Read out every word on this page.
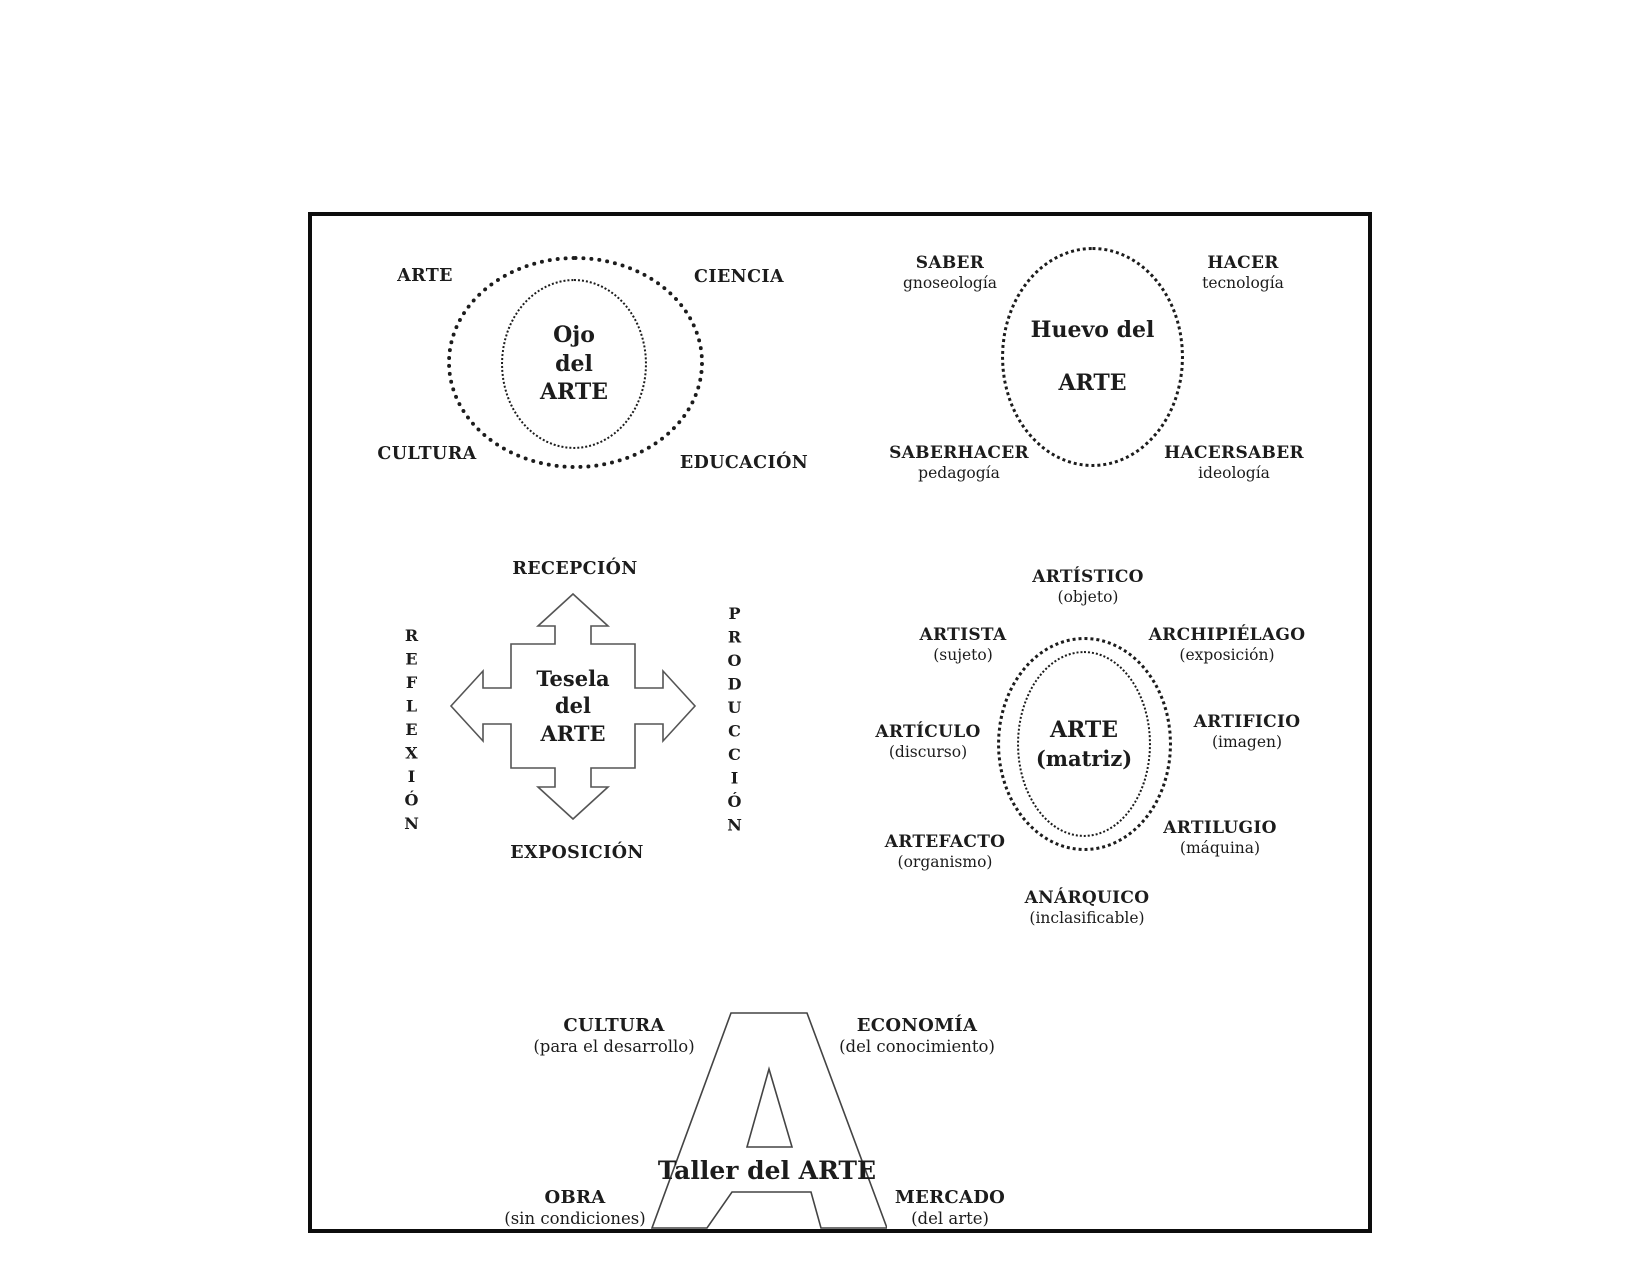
Ojo
del
ARTE
ARTE	CIENCIA
CULTURA	EDUCACIÓN
Huevo del
ARTE
SABER
gnoseología
HACER
tecnología
SABERHACER
pedagogía
HACERSABER
ideología
Tesela
del
ARTE
RECEPCIÓN
EXPOSICIÓN
REFLEXIÓN	PRODUCCIÓN	ARTE
(matriz)
ARTÍSTICO
(objeto)
ARTISTA
(sujeto)
ARCHIPIÉLAGO
(exposición)
ARTÍCULO
(discurso)
ARTIFICIO
(imagen)
ARTEFACTO
(organismo)
ARTILUGIO
(máquina)
ANÁRQUICO
(inclasificable)
Taller del ARTE
CULTURA
(para el desarrollo)
ECONOMÍA
(del conocimiento)
OBRA
(sin condiciones)
MERCADO
(del arte)
